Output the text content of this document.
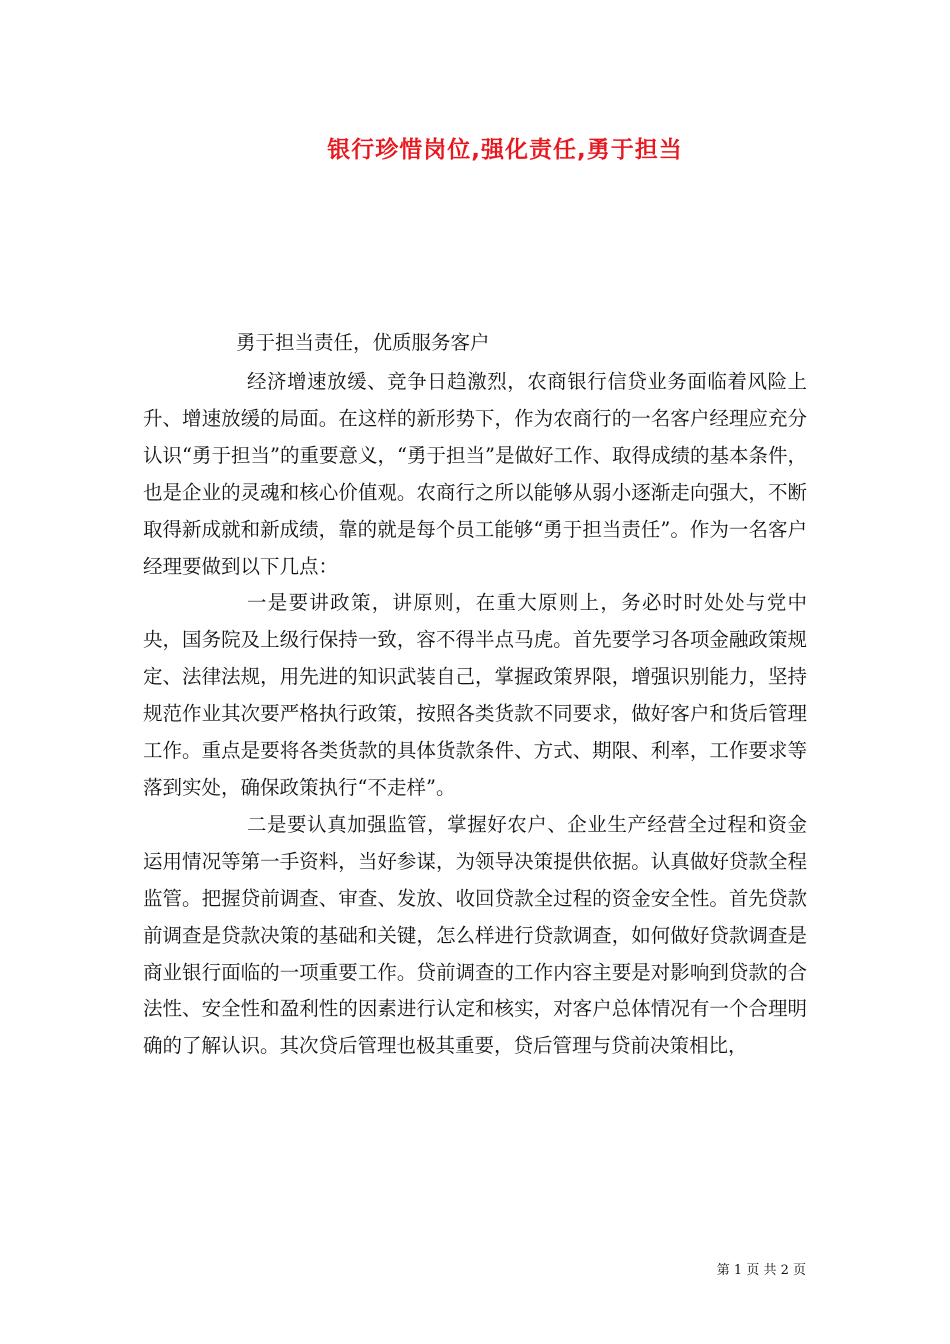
银行珍惜岗位,强化责任,勇于担当
勇于担当责任，优质服务客户

经济增速放缓、竞争日趋激烈，农商银行信贷业务面临着风险上升、增速放缓的局面。在这样的新形势下，作为农商行的一名客户经理应充分认识“勇于担当”的重要意义，“勇于担当”是做好工作、取得成绩的基本条件，也是企业的灵魂和核心价值观。农商行之所以能够从弱小逐渐走向强大，不断取得新成就和新成绩，靠的就是每个员工能够“勇于担当责任”。作为一名客户经理要做到以下几点：

一是要讲政策，讲原则，在重大原则上，务必时时处处与党中央，国务院及上级行保持一致，容不得半点马虎。首先要学习各项金融政策规定、法律法规，用先进的知识武装自己，掌握政策界限，增强识别能力，坚持规范作业其次要严格执行政策，按照各类货款不同要求，做好客户和货后管理工作。重点是要将各类货款的具体货款条件、方式、期限、利率，工作要求等落到实处，确保政策执行“不走样”。

二是要认真加强监管，掌握好农户、企业生产经营全过程和资金运用情况等第一手资料，当好参谋，为领导决策提供依据。认真做好贷款全程监管。把握贷前调查、审查、发放、收回贷款全过程的资金安全性。首先贷款前调查是贷款决策的基础和关键，怎么样进行贷款调查，如何做好贷款调查是商业银行面临的一项重要工作。贷前调查的工作内容主要是对影响到贷款的合法性、安全性和盈利性的因素进行认定和核实，对客户总体情况有一个合理明确的了解认识。其次贷后管理也极其重要，贷后管理与贷前决策相比，

第 1 页 共 2 页
